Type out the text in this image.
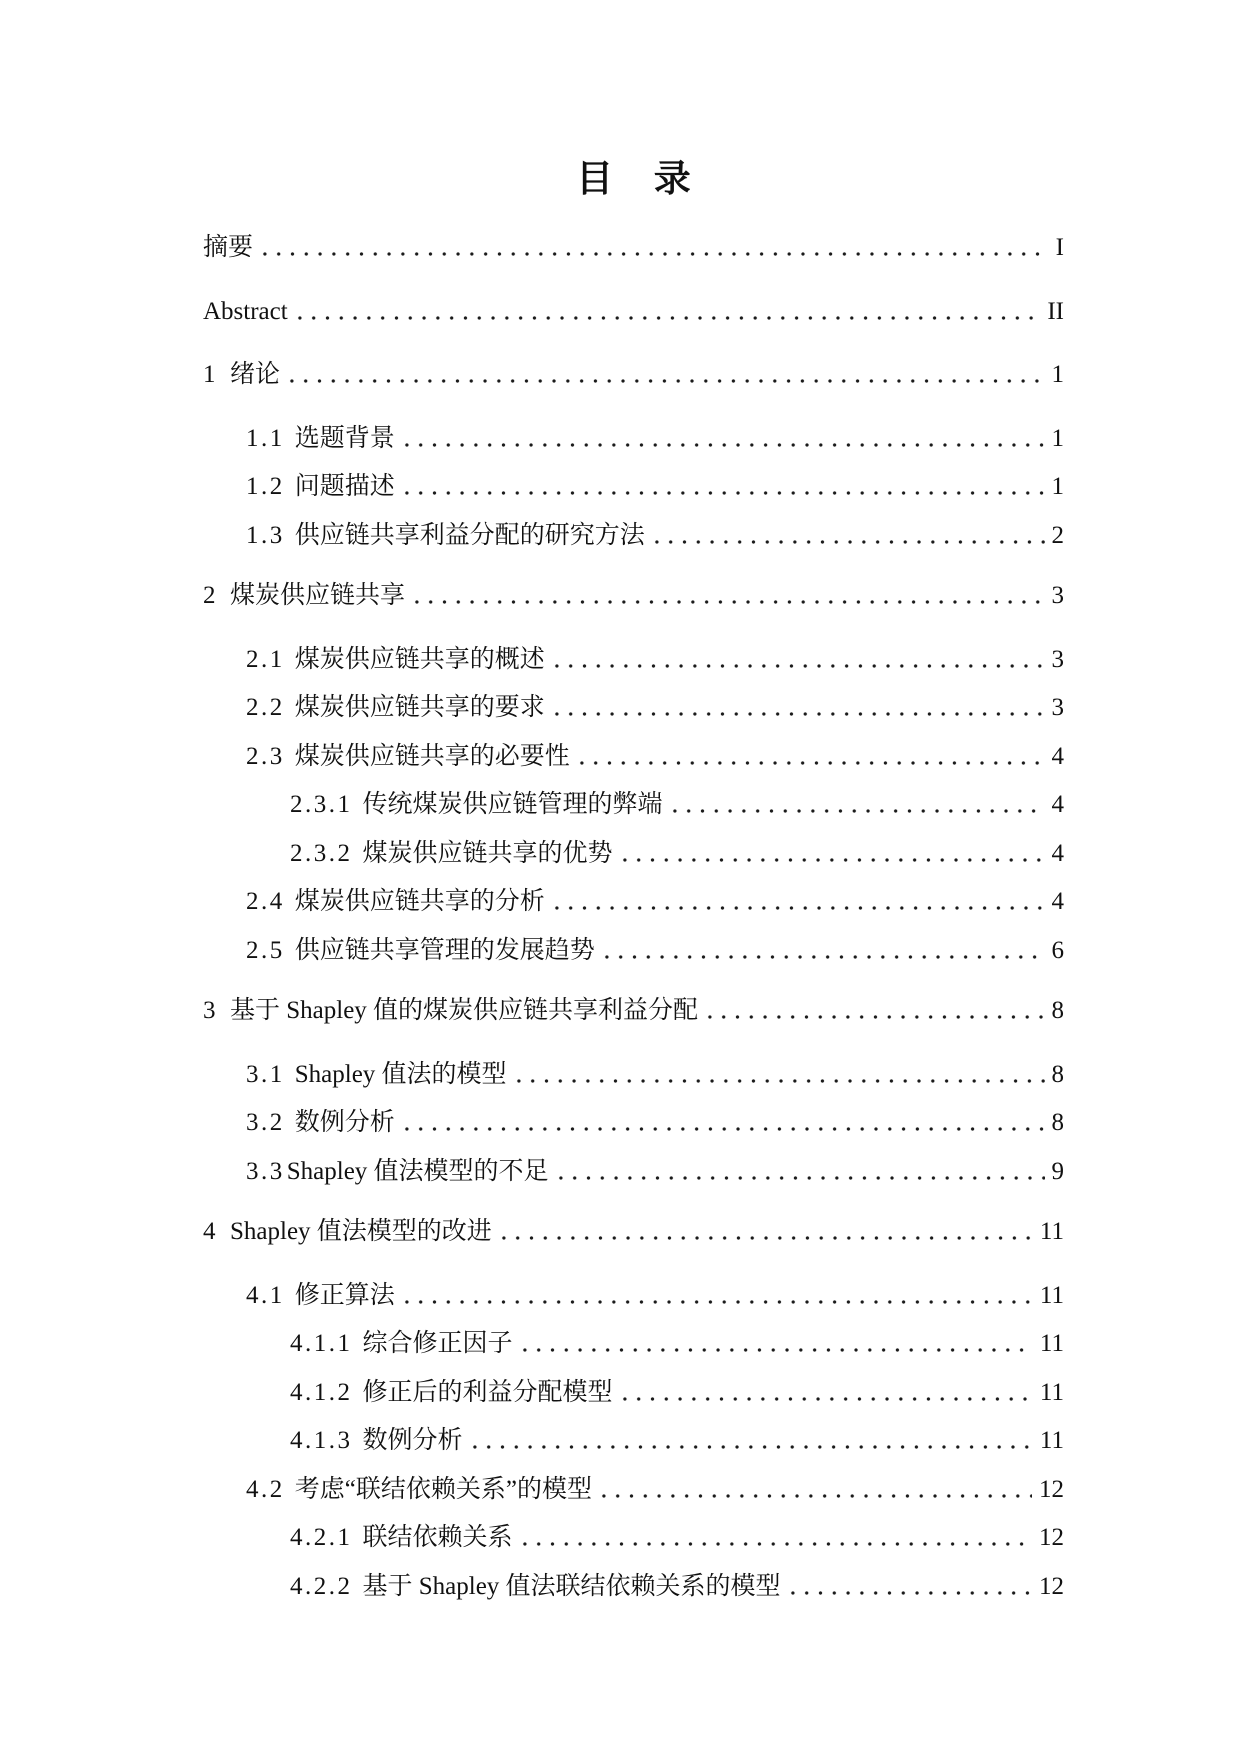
目 录
摘要	I
Abstract	II
1 绪论	1
1.1 选题背景	1
1.2 问题描述	1
1.3 供应链共享利益分配的研究方法	2
2 煤炭供应链共享	3
2.1 煤炭供应链共享的概述	3
2.2 煤炭供应链共享的要求	3
2.3 煤炭供应链共享的必要性	4
2.3.1 传统煤炭供应链管理的弊端	4
2.3.2 煤炭供应链共享的优势	4
2.4 煤炭供应链共享的分析	4
2.5 供应链共享管理的发展趋势	6
3 基于 Shapley 值的煤炭供应链共享利益分配	8
3.1 Shapley 值法的模型	8
3.2 数例分析	8
3.3Shapley 值法模型的不足	9
4 Shapley 值法模型的改进	11
4.1 修正算法	11
4.1.1 综合修正因子	11
4.1.2 修正后的利益分配模型	11
4.1.3 数例分析	11
4.2 考虑“联结依赖关系”的模型	12
4.2.1 联结依赖关系	12
4.2.2 基于 Shapley 值法联结依赖关系的模型	12
